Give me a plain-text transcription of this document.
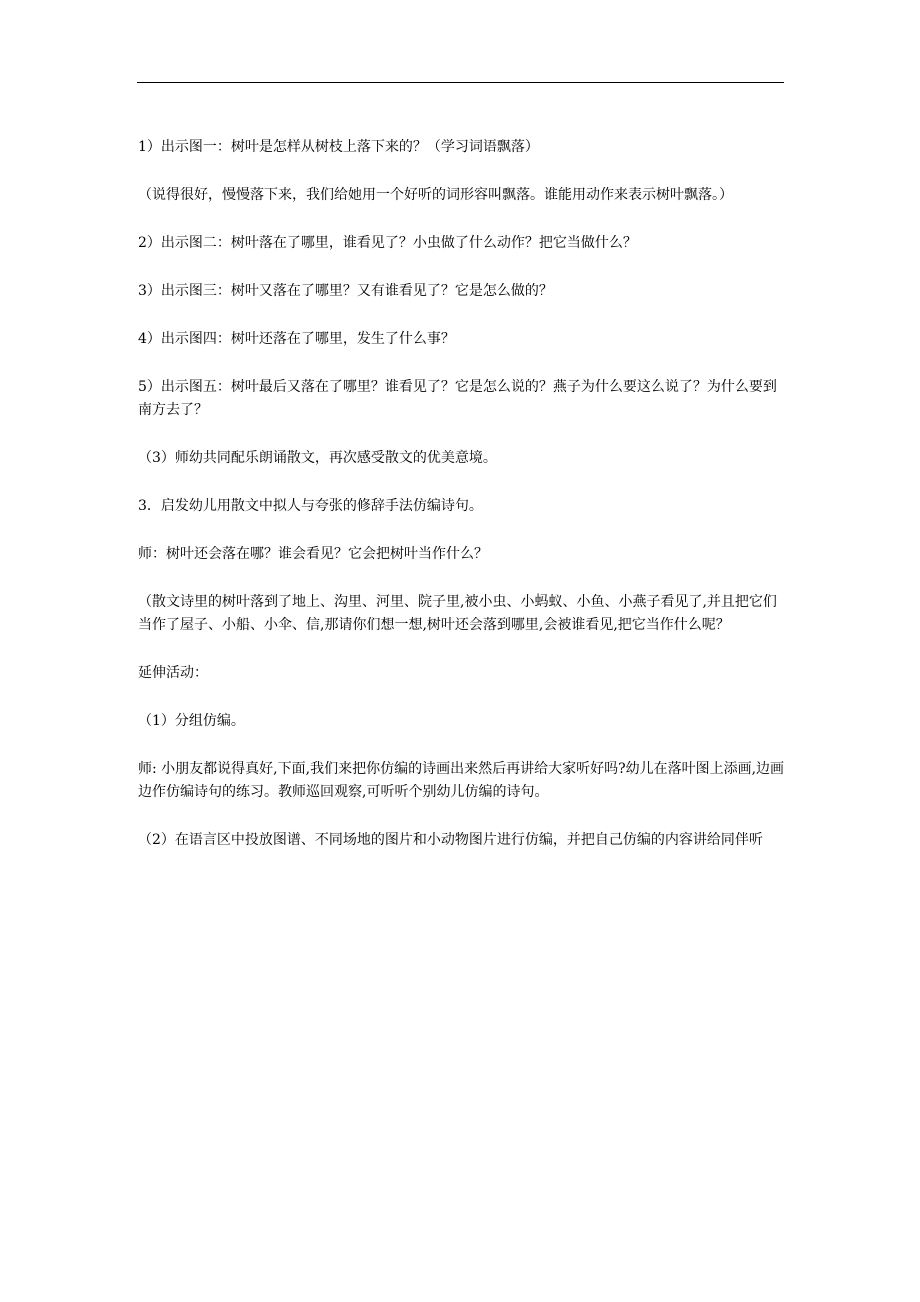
1）出示图一：树叶是怎样从树枝上落下来的？（学习词语飘落）

（说得很好，慢慢落下来，我们给她用一个好听的词形容叫飘落。谁能用动作来表示树叶飘落。）

2）出示图二：树叶落在了哪里，谁看见了？小虫做了什么动作？把它当做什么？

3）出示图三：树叶又落在了哪里？又有谁看见了？它是怎么做的？

4）出示图四：树叶还落在了哪里，发生了什么事？

5）出示图五：树叶最后又落在了哪里？谁看见了？它是怎么说的？燕子为什么要这么说了？为什么要到南方去了？

（3）师幼共同配乐朗诵散文，再次感受散文的优美意境。

3．启发幼儿用散文中拟人与夸张的修辞手法仿编诗句。

师：树叶还会落在哪？谁会看见？它会把树叶当作什么？

（散文诗里的树叶落到了地上、沟里、河里、院子里,被小虫、小蚂蚁、小鱼、小燕子看见了,并且把它们当作了屋子、小船、小伞、信,那请你们想一想,树叶还会落到哪里,会被谁看见,把它当作什么呢？

延伸活动：

（1）分组仿编。

师: 小朋友都说得真好,下面,我们来把你仿编的诗画出来然后再讲给大家听好吗?幼儿在落叶图上添画,边画边作仿编诗句的练习。教师巡回观察,可听听个别幼儿仿编的诗句。

（2）在语言区中投放图谱、不同场地的图片和小动物图片进行仿编，并把自己仿编的内容讲给同伴听
